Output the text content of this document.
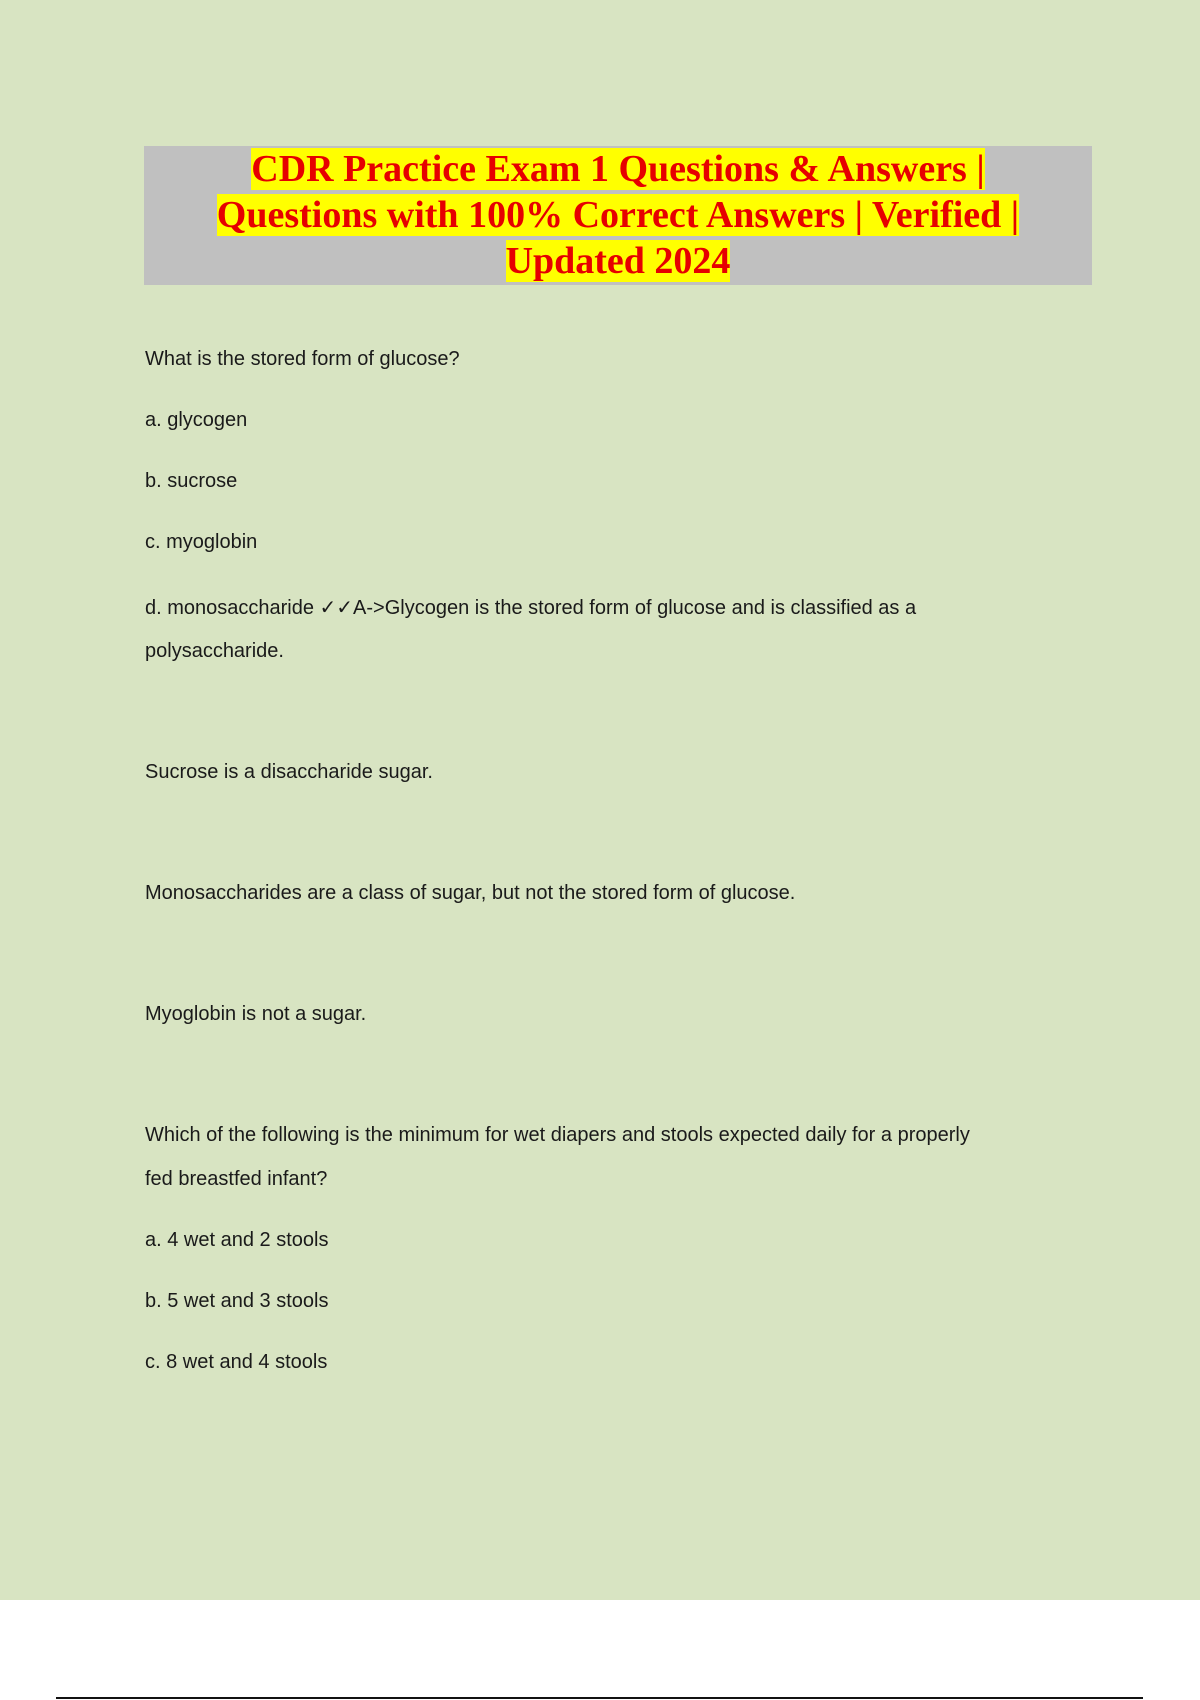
CDR Practice Exam 1 Questions & Answers |
Questions with 100% Correct Answers | Verified |
Updated 2024
What is the stored form of glucose?
a. glycogen
b. sucrose
c. myoglobin
d. monosaccharide ✓✓A->Glycogen is the stored form of glucose and is classified as a
polysaccharide.
Sucrose is a disaccharide sugar.
Monosaccharides are a class of sugar, but not the stored form of glucose.
Myoglobin is not a sugar.
Which of the following is the minimum for wet diapers and stools expected daily for a properly
fed breastfed infant?
a. 4 wet and 2 stools
b. 5 wet and 3 stools
c. 8 wet and 4 stools
